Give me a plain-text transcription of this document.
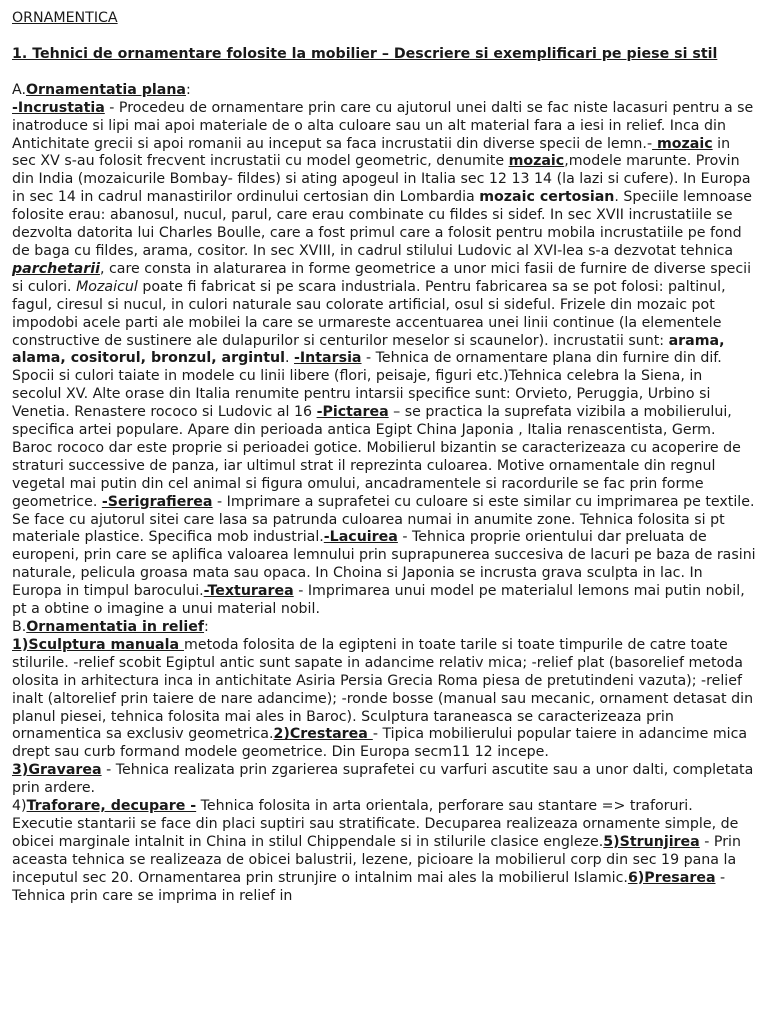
ORNAMENTICA

1. Tehnici de ornamentare folosite la mobilier – Descriere si exemplificari pe piese si stil

A.Ornamentatia plana:

-Incrustatia - Procedeu de ornamentare prin care cu ajutorul unei dalti se fac niste lacasuri pentru a se inatroduce si lipi mai apoi materiale de o alta culoare sau un alt material fara a iesi in relief. Inca din Antichitate grecii si apoi romanii au inceput sa faca incrustatii din diverse specii de lemn.- mozaic in sec XV s-au folosit frecvent incrustatii cu model geometric, denumite mozaic,modele marunte. Provin din India (mozaicurile Bombay- fildes) si ating apogeul in Italia sec 12 13 14 (la lazi si cufere). In Europa in sec 14 in cadrul manastirilor ordinului certosian din Lombardia mozaic certosian. Speciile lemnoase folosite erau: abanosul, nucul, parul, care erau combinate cu fildes si sidef. In sec XVII incrustatiile se dezvolta datorita lui Charles Boulle, care a fost primul care a folosit pentru mobila incrustatiile pe fond de baga cu fildes, arama, cositor. In sec XVIII, in cadrul stilului Ludovic al XVI-lea s-a dezvotat tehnica parchetarii, care consta in alaturarea in forme geometrice a unor mici fasii de furnire de diverse specii si culori. Mozaicul poate fi fabricat si pe scara industriala. Pentru fabricarea sa se pot folosi: paltinul, fagul, ciresul si nucul, in culori naturale sau colorate artificial, osul si sideful. Frizele din mozaic pot impodobi acele parti ale mobilei la care se urmareste accentuarea unei linii continue (la elementele constructive de sustinere ale dulapurilor si centurilor meselor si scaunelor). incrustatii sunt: arama, alama, cositorul, bronzul, argintul. -Intarsia - Tehnica de ornamentare plana din furnire din dif. Spocii si culori taiate in modele cu linii libere (flori, peisaje, figuri etc.)Tehnica celebra la Siena, in secolul XV. Alte orase din Italia renumite pentru intarsii specifice sunt: Orvieto, Peruggia, Urbino si Venetia. Renastere rococo si Ludovic al 16 -Pictarea – se practica la suprefata vizibila a mobilierului, specifica artei populare. Apare din perioada antica Egipt China Japonia , Italia renascentista, Germ. Baroc rococo dar este proprie si perioadei gotice. Mobilierul bizantin se caracterizeaza cu acoperire de straturi successive de panza, iar ultimul strat il reprezinta culoarea. Motive ornamentale din regnul vegetal mai putin din cel animal si figura omului, ancadramentele si racordurile se fac prin forme geometrice. -Serigrafierea - Imprimare a suprafetei cu culoare si este similar cu imprimarea pe textile. Se face cu ajutorul sitei care lasa sa patrunda culoarea numai in anumite zone. Tehnica folosita si pt materiale plastice. Specifica mob industrial.-Lacuirea - Tehnica proprie orientului dar preluata de europeni, prin care se aplifica valoarea lemnului prin suprapunerea succesiva de lacuri pe baza de rasini naturale, pelicula groasa mata sau opaca. In Choina si Japonia se incrusta grava sculpta in lac. In Europa in timpul barocului.-Texturarea - Imprimarea unui model pe materialul lemons mai putin nobil, pt a obtine o imagine a unui material nobil.

B.Ornamentatia in relief:

1)Sculptura manuala metoda folosita de la egipteni in toate tarile si toate timpurile de catre toate stilurile. -relief scobit Egiptul antic sunt sapate in adancime relativ mica; -relief plat (basorelief metoda olosita in arhitectura inca in antichitate Asiria Persia Grecia Roma piesa de pretutindeni vazuta); -relief inalt (altorelief prin taiere de nare adancime); -ronde bosse (manual sau mecanic, ornament detasat din planul piesei, tehnica folosita mai ales in Baroc). Sculptura taraneasca se caracterizeaza prin ornamentica sa exclusiv geometrica.2)Crestarea - Tipica mobilierului popular taiere in adancime mica drept sau curb formand modele geometrice. Din Europa secm11 12 incepe.
3)Gravarea - Tehnica realizata prin zgarierea suprafetei cu varfuri ascutite sau a unor dalti, completata prin ardere.
4)Traforare, decupare - Tehnica folosita in arta orientala, perforare sau stantare => traforuri. Executie stantarii se face din placi suptiri sau stratificate. Decuparea realizeaza ornamente simple, de obicei marginale intalnit in China in stilul Chippendale si in stilurile clasice engleze.5)Strunjirea - Prin aceasta tehnica se realizeaza de obicei balustrii, lezene, picioare la mobilierul corp din sec 19 pana la inceputul sec 20. Ornamentarea prin strunjire o intalnim mai ales la mobilierul Islamic.6)Presarea - Tehnica prin care se imprima in relief in
